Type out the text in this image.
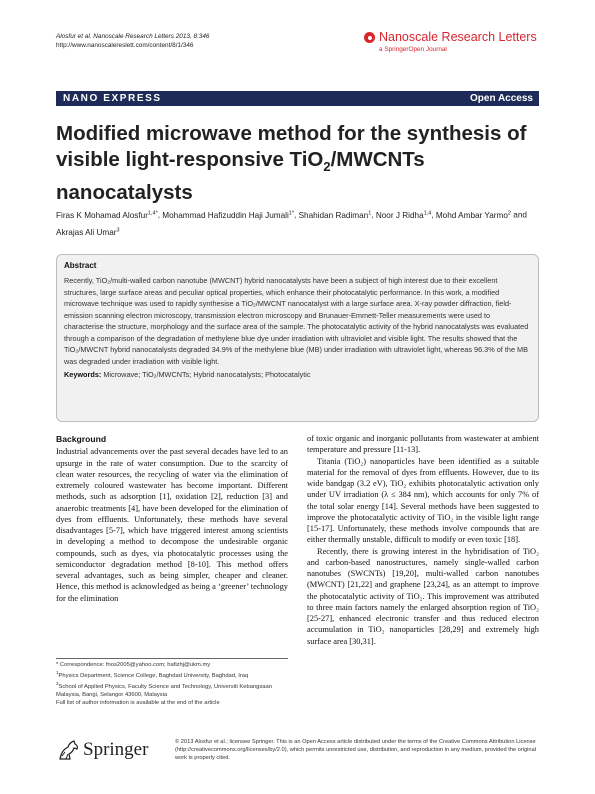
Alosfur et al. Nanoscale Research Letters 2013, 8:346
http://www.nanoscalereslett.com/content/8/1/346
Nanoscale Research Letters
a SpringerOpen Journal
NANO EXPRESS	Open Access
Modified microwave method for the synthesis of visible light-responsive TiO$_2$/MWCNTs nanocatalysts
Firas K Mohamad Alosfur$^{1,4*}$, Mohammad Hafizuddin Haji Jumali$^{1*}$, Shahidan Radiman$^1$, Noor J Ridha$^{1,4}$, Mohd Ambar Yarmo$^2$ and Akrajas Ali Umar$^3$
Abstract

Recently, TiO₂/multi-walled carbon nanotube (MWCNT) hybrid nanocatalysts have been a subject of high interest due to their excellent structures, large surface areas and peculiar optical properties, which enhance their photocatalytic performance. In this work, a modified microwave technique was used to rapidly synthesise a TiO₂/MWCNT nanocatalyst with a large surface area. X-ray powder diffraction, field-emission scanning electron microscopy, transmission electron microscopy and Brunauer-Emmett-Teller measurements were used to characterise the structure, morphology and the surface area of the sample. The photocatalytic activity of the hybrid nanocatalysts was evaluated through a comparison of the degradation of methylene blue dye under irradiation with ultraviolet and visible light. The results showed that the TiO₂/MWCNT hybrid nanocatalysts degraded 34.9% of the methylene blue (MB) under irradiation with ultraviolet light, whereas 96.3% of the MB was degraded under irradiation with visible light.

Keywords: Microwave; TiO₂/MWCNTs; Hybrid nanocatalysts; Photocatalytic

Background

Industrial advancements over the past several decades have led to an upsurge in the rate of water consumption. Due to the scarcity of clean water resources, the recycling of water via the elimination of extremely coloured wastewater has become important. Different methods, such as adsorption [1], oxidation [2], reduction [3] and anaerobic treatments [4], have been developed for the elimination of dyes from effluents. Unfortunately, these methods have several disadvantages [5-7], which have triggered interest among scientists in developing a method to decompose the undesirable organic compounds, such as dyes, via photocatalytic processes using the semiconductor degradation method [8-10]. This method offers several advantages, such as being simpler, cheaper and cleaner. Hence, this method is acknowledged as being a ‘greener’ technology for the elimination

of toxic organic and inorganic pollutants from wastewater at ambient temperature and pressure [11-13].

Titania (TiO₂) nanoparticles have been identified as a suitable material for the removal of dyes from effluents. However, due to its wide bandgap (3.2 eV), TiO₂ exhibits photocatalytic activation only under UV irradiation (λ ≤ 384 nm), which accounts for only 7% of the total solar energy [14]. Several methods have been suggested to improve the photocatalytic activity of TiO₂ in the visible light range [15-17]. Unfortunately, these methods involve compounds that are either thermally unstable, difficult to modify or even toxic [18].

Recently, there is growing interest in the hybridisation of TiO₂ and carbon-based nanostructures, namely single-walled carbon nanotubes (SWCNTs) [19,20], multi-walled carbon nanotubes (MWCNT) [21,22] and graphene [23,24], as an attempt to improve the photocatalytic activity of TiO₂. This improvement was attributed to three main factors namely the enlarged absorption region of TiO₂ [25-27], enhanced electronic transfer and thus reduced electron accumulation in TiO₂ nanoparticles [28,29] and extremely high surface area [30,31].

* Correspondence: fnos2005@yahoo.com; hafizhj@ukm.my
$^1$Physics Department, Science College, Baghdad University, Baghdad, Iraq
$^3$School of Applied Physics, Faculty Science and Technology, Universiti Kebangsaan Malaysia, Bangi, Selangor 43600, Malaysia
Full list of author information is available at the end of the article
Springer	© 2013 Alosfur et al.; licensee Springer. This is an Open Access article distributed under the terms of the Creative Commons Attribution License (http://creativecommons.org/licenses/by/2.0), which permits unrestricted use, distribution, and reproduction in any medium, provided the original work is properly cited.
